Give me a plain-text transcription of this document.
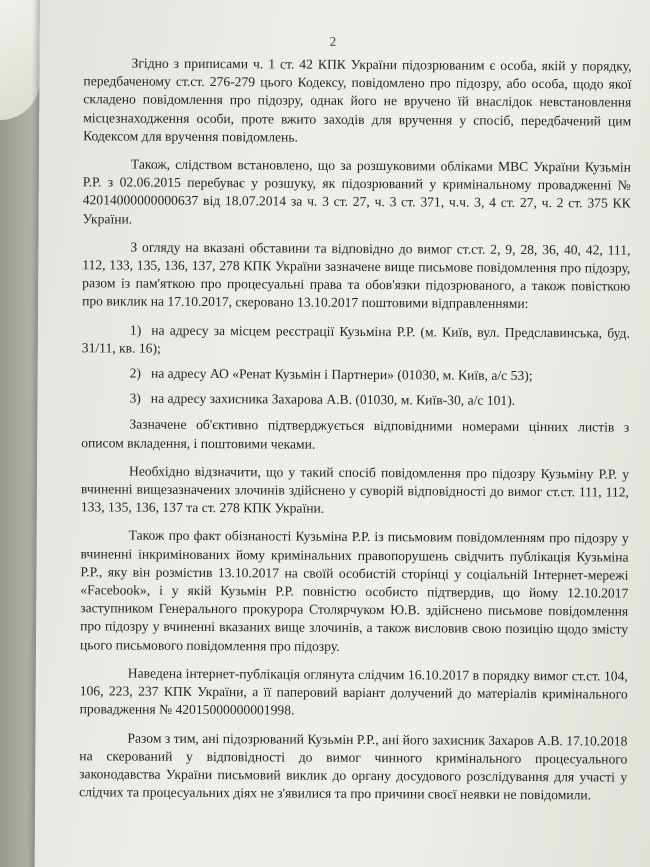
2

Згідно з приписами ч. 1 ст. 42 КПК України підозрюваним є особа, якій у порядку, передбаченому ст.ст. 276-279 цього Кодексу, повідомлено про підозру, або особа, щодо якої складено повідомлення про підозру, однак його не вручено їй внаслідок невстановлення місцезнаходження особи, проте вжито заходів для вручення у спосіб, передбачений цим Кодексом для вручення повідомлень.

Також, слідством встановлено, що за розшуковими обліками МВС України Кузьмін Р.Р. з 02.06.2015 перебуває у розшуку, як підозрюваний у кримінальному провадженні № 42014000000000637 від 18.07.2014 за ч. 3 ст. 27, ч. 3 ст. 371, ч.ч. 3, 4 ст. 27, ч. 2 ст. 375 КК України.

З огляду на вказані обставини та відповідно до вимог ст.ст. 2, 9, 28, 36, 40, 42, 111, 112, 133, 135, 136, 137, 278 КПК України зазначене вище письмове повідомлення про підозру, разом із пам'яткою про процесуальні права та обов'язки підозрюваного, а також повісткою про виклик на 17.10.2017, скеровано 13.10.2017 поштовими відправленнями:

1) на адресу за місцем реєстрації Кузьміна Р.Р. (м. Київ, вул. Предславинська, буд. 31/11, кв. 16);
2) на адресу АО «Ренат Кузьмін і Партнери» (01030, м. Київ, а/с 53);
3) на адресу захисника Захарова А.В. (01030, м. Київ-30, а/с 101).

Зазначене об'єктивно підтверджується відповідними номерами цінних листів з описом вкладення, і поштовими чеками.

Необхідно відзначити, що у такий спосіб повідомлення про підозру Кузьміну Р.Р. у вчиненні вищезазначених злочинів здійснено у суворій відповідності до вимог ст.ст. 111, 112, 133, 135, 136, 137 та ст. 278 КПК України.

Також про факт обізнаності Кузьміна Р.Р. із письмовим повідомленням про підозру у вчиненні інкримінованих йому кримінальних правопорушень свідчить публікація Кузьміна Р.Р., яку він розмістив 13.10.2017 на своїй особистій сторінці у соціальній Інтернет-мережі «Facebook», і у якій Кузьмін Р.Р. повністю особисто підтвердив, що йому 12.10.2017 заступником Генерального прокурора Столярчуком Ю.В. здійснено письмове повідомлення про підозру у вчиненні вказаних вище злочинів, а також висловив свою позицію щодо змісту цього письмового повідомлення про підозру.

Наведена інтернет-публікація оглянута слідчим 16.10.2017 в порядку вимог ст.ст. 104, 106, 223, 237 КПК України, а її паперовий варіант долучений до матеріалів кримінального провадження № 42015000000001998.

Разом з тим, ані підозрюваний Кузьмін Р.Р., ані його захисник Захаров А.В. 17.10.2018 на скерований у відповідності до вимог чинного кримінального процесуального законодавства України письмовий виклик до органу досудового розслідування для участі у слідчих та процесуальних діях не з'явилися та про причини своєї неявки не повідомили.
